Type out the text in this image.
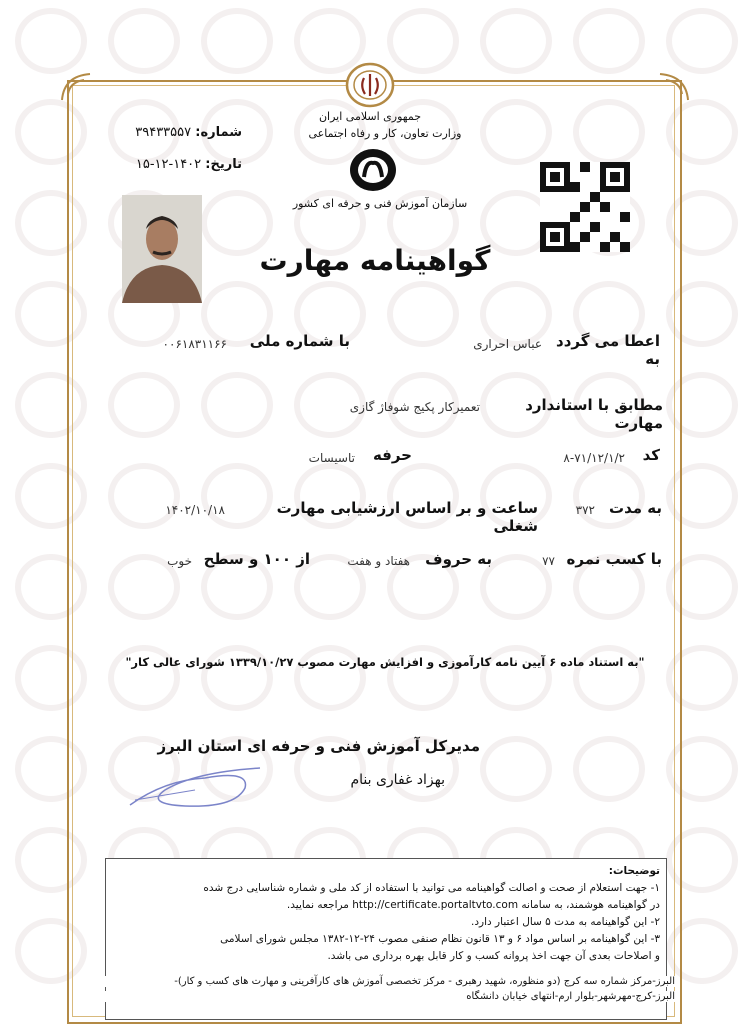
جمهوری اسلامی ایران
وزارت تعاون، کار و رفاه اجتماعی
سازمان آموزش فنی و حرفه ای کشور
شماره: ۳۹۴۳۳۵۵۷
تاریخ: ۱۴۰۲-۱۲-۱۵
گواهینامه مهارت
اعطا می گردد به
عباس احراری
با شماره ملی
۰۰۶۱۸۳۱۱۶۶
مطابق با استاندارد مهارت
تعمیرکار پکیج شوفاژ گازی
کد
۸-۷۱/۱۲/۱/۲
حرفه
تاسیسات
به مدت
۳۷۲
ساعت و بر اساس ارزشیابی مهارت شغلی
۱۴۰۲/۱۰/۱۸
با کسب نمره
۷۷
به حروف
هفتاد و هفت
از ۱۰۰ و سطح
خوب
"به استناد ماده ۶ آیین نامه کارآموزی و افزایش مهارت مصوب ۱۳۳۹/۱۰/۲۷ شورای عالی کار"
مدیرکل آموزش فنی و حرفه ای استان البرز
بهزاد غفاری بنام
توضیحات:
۱- جهت استعلام از صحت و اصالت گواهینامه می توانید با استفاده از کد ملی و شماره شناسایی درج شده
در گواهینامه هوشمند، به سامانه http://certificate.portaltvto.com مراجعه نمایید.
۲- این گواهینامه به مدت ۵ سال اعتبار دارد.
۳- این گواهینامه بر اساس مواد ۶ و ۱۳ قانون نظام صنفی مصوب ۲۴-۱۲-۱۳۸۲ مجلس شورای اسلامی
و اصلاحات بعدی آن جهت اخذ پروانه کسب و کار قابل بهره برداری می باشد.
البرز-مرکز شماره سه کرج (دو منظوره، شهید رهبری - مرکز تخصصی آموزش های کارآفرینی و مهارت های کسب و کار)-
البرز-کرج-مهرشهر-بلوار ارم-انتهای خیابان دانشگاه
